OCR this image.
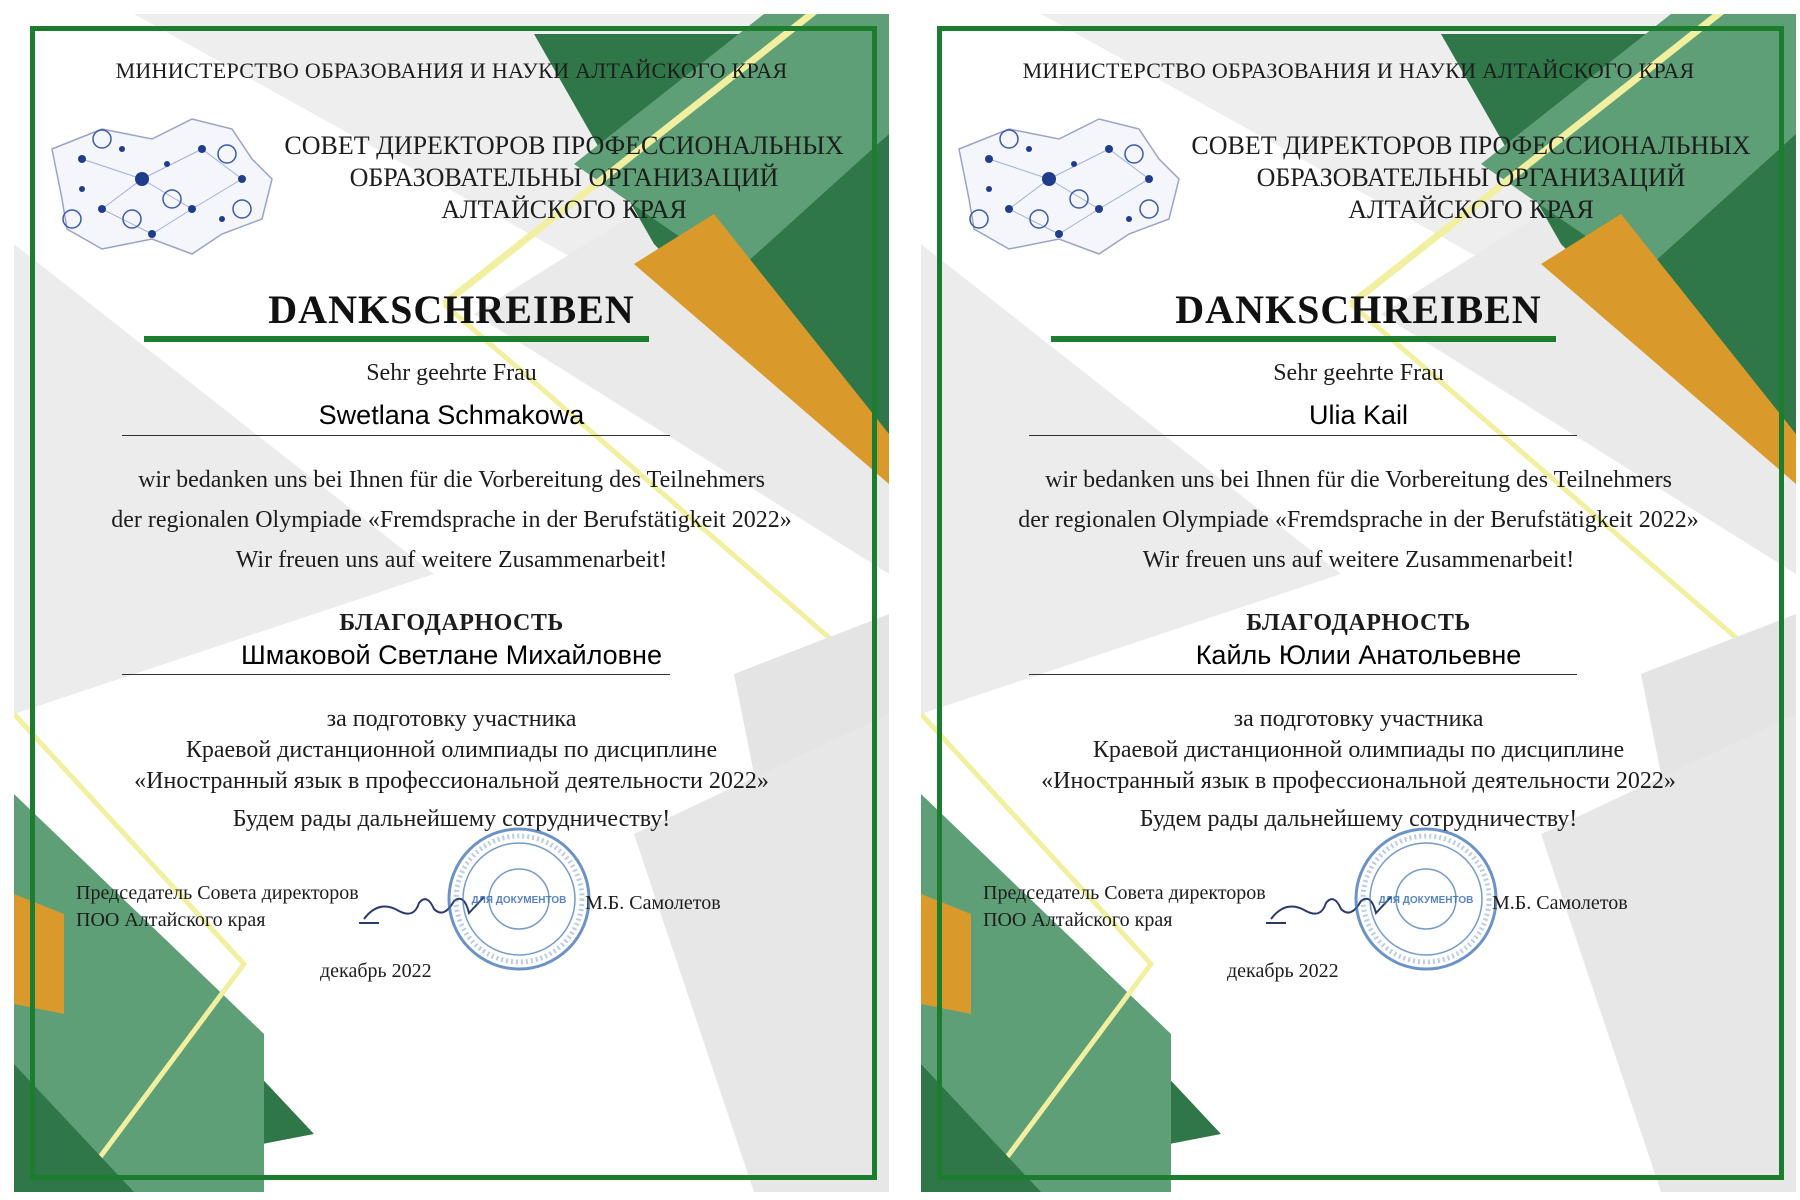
МИНИСТЕРСТВО ОБРАЗОВАНИЯ И НАУКИ АЛТАЙСКОГО КРАЯ
СОВЕТ ДИРЕКТОРОВ ПРОФЕССИОНАЛЬНЫХ
ОБРАЗОВАТЕЛЬНЫ ОРГАНИЗАЦИЙ
АЛТАЙСКОГО КРАЯ
DANKSCHREIBEN
Sehr geehrte Frau
Swetlana Schmakowa
wir bedanken uns bei Ihnen für die Vorbereitung des Teilnehmers
der regionalen Olympiade «Fremdsprache in der Berufstätigkeit 2022»
Wir freuen uns auf weitere Zusammenarbeit!
БЛАГОДАРНОСТЬ
Шмаковой Светлане Михайловне
за подготовку участника
Краевой дистанционной олимпиады по дисциплине
«Иностранный язык в профессиональной деятельности 2022»
Будем рады дальнейшему сотрудничеству!
Председатель Совета директоров
ПОО Алтайского края
ДЛЯ ДОКУМЕНТОВ М.Б. Самолетов
декабрь 2022
МИНИСТЕРСТВО ОБРАЗОВАНИЯ И НАУКИ АЛТАЙСКОГО КРАЯ
СОВЕТ ДИРЕКТОРОВ ПРОФЕССИОНАЛЬНЫХ
ОБРАЗОВАТЕЛЬНЫ ОРГАНИЗАЦИЙ
АЛТАЙСКОГО КРАЯ
DANKSCHREIBEN
Sehr geehrte Frau
Ulia Kail
wir bedanken uns bei Ihnen für die Vorbereitung des Teilnehmers
der regionalen Olympiade «Fremdsprache in der Berufstätigkeit 2022»
Wir freuen uns auf weitere Zusammenarbeit!
БЛАГОДАРНОСТЬ
Кайль Юлии Анатольевне
за подготовку участника
Краевой дистанционной олимпиады по дисциплине
«Иностранный язык в профессиональной деятельности 2022»
Будем рады дальнейшему сотрудничеству!
Председатель Совета директоров
ПОО Алтайского края
ДЛЯ ДОКУМЕНТОВ М.Б. Самолетов
декабрь 2022
